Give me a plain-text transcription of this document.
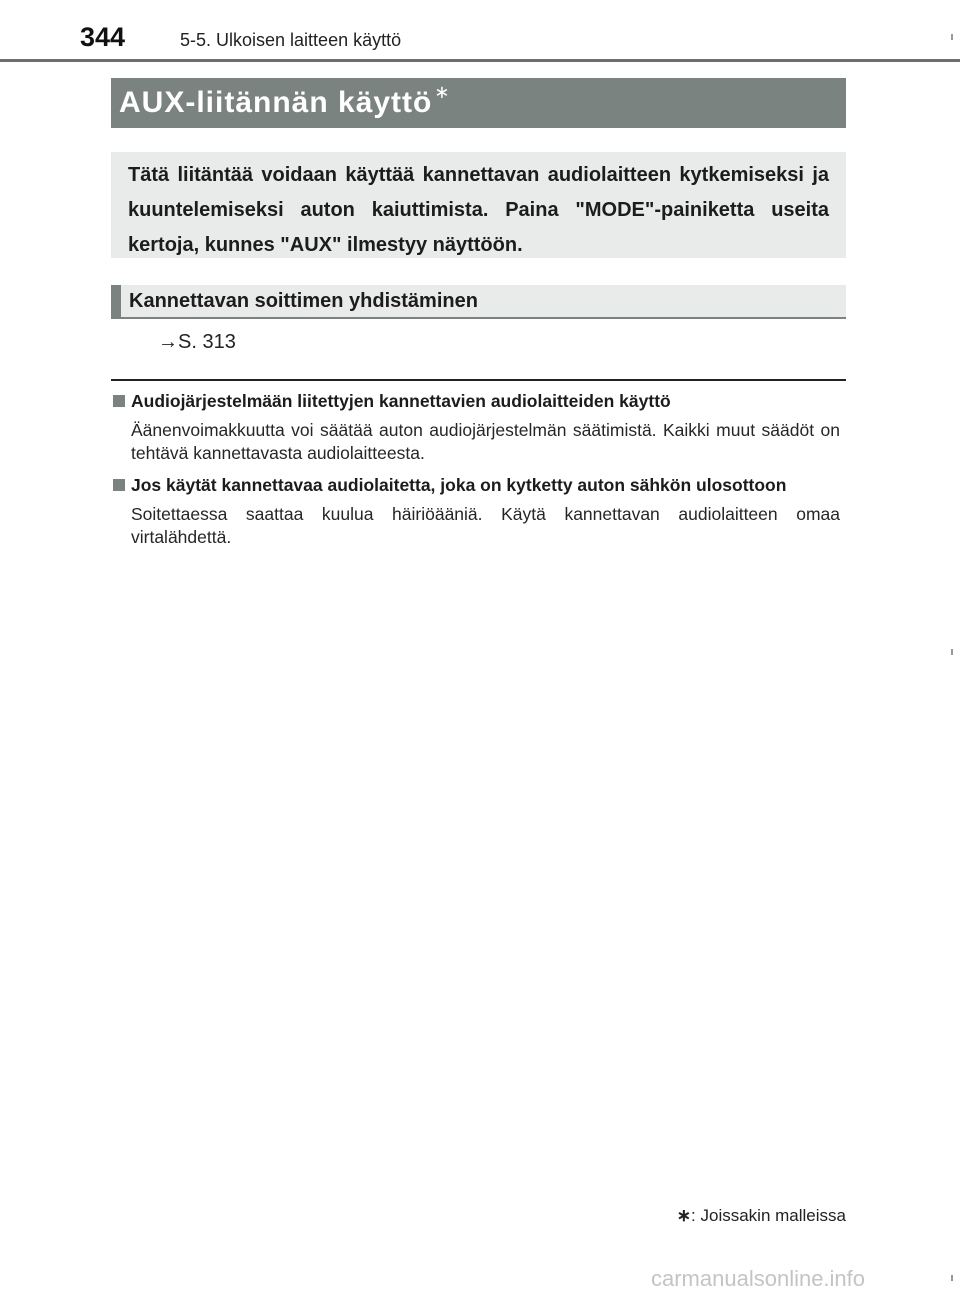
344	5-5. Ulkoisen laitteen käyttö
AUX-liitännän käyttö ∗

Tätä liitäntää voidaan käyttää kannettavan audiolaitteen kytkemiseksi ja kuuntelemiseksi auton kaiuttimista. Paina "MODE"-painiketta useita kertoja, kunnes "AUX" ilmestyy näyttöön.

Kannettavan soittimen yhdistäminen
→S. 313
Audiojärjestelmään liitettyjen kannettavien audiolaitteiden käyttö
Äänenvoimakkuutta voi säätää auton audiojärjestelmän säätimistä. Kaikki muut säädöt on tehtävä kannettavasta audiolaitteesta.
Jos käytät kannettavaa audiolaitetta, joka on kytketty auton sähkön ulosottoon
Soitettaessa saattaa kuulua häiriöääniä. Käytä kannettavan audiolaitteen omaa virtalähdettä.
∗: Joissakin malleissa
carmanualsonline.info
